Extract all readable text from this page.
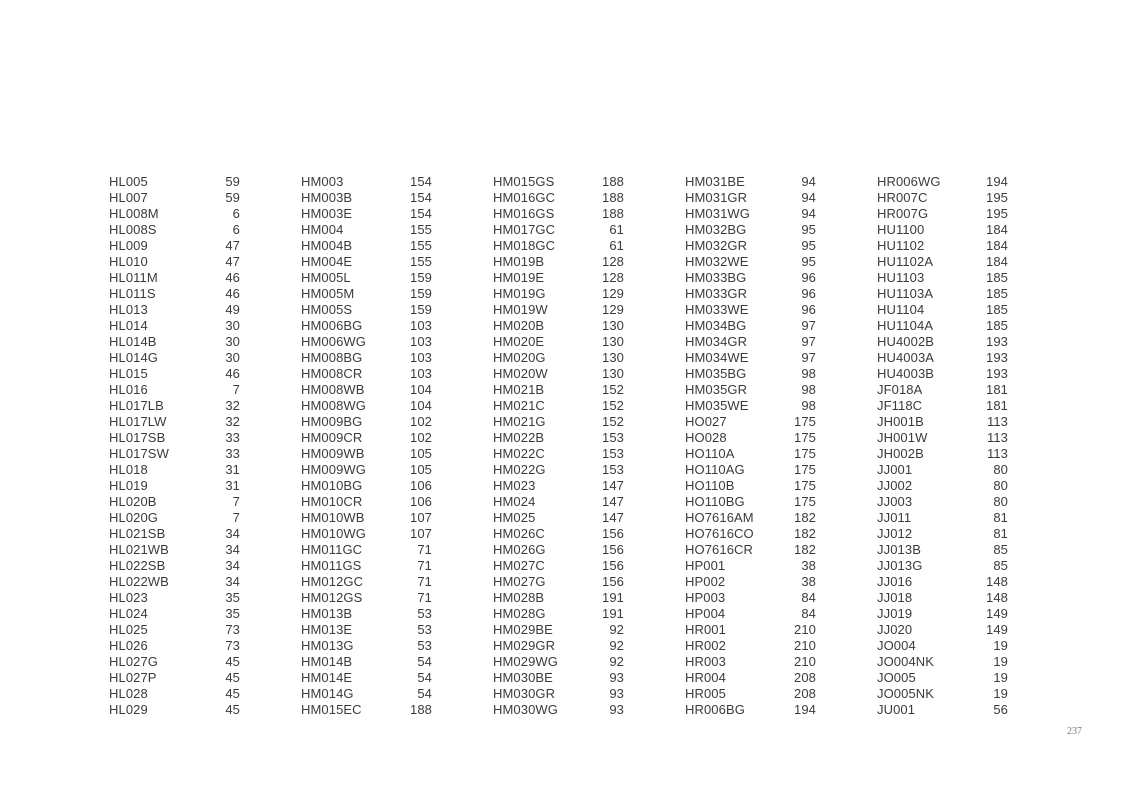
HL005	59
HL007	59
HL008M	6
HL008S	6
HL009	47
HL010	47
HL011M	46
HL011S	46
HL013	49
HL014	30
HL014B	30
HL014G	30
HL015	46
HL016	7
HL017LB	32
HL017LW	32
HL017SB	33
HL017SW	33
HL018	31
HL019	31
HL020B	7
HL020G	7
HL021SB	34
HL021WB	34
HL022SB	34
HL022WB	34
HL023	35
HL024	35
HL025	73
HL026	73
HL027G	45
HL027P	45
HL028	45
HL029	45
HM003	154
HM003B	154
HM003E	154
HM004	155
HM004B	155
HM004E	155
HM005L	159
HM005M	159
HM005S	159
HM006BG	103
HM006WG	103
HM008BG	103
HM008CR	103
HM008WB	104
HM008WG	104
HM009BG	102
HM009CR	102
HM009WB	105
HM009WG	105
HM010BG	106
HM010CR	106
HM010WB	107
HM010WG	107
HM011GC	71
HM011GS	71
HM012GC	71
HM012GS	71
HM013B	53
HM013E	53
HM013G	53
HM014B	54
HM014E	54
HM014G	54
HM015EC	188
HM015GS	188
HM016GC	188
HM016GS	188
HM017GC	61
HM018GC	61
HM019B	128
HM019E	128
HM019G	129
HM019W	129
HM020B	130
HM020E	130
HM020G	130
HM020W	130
HM021B	152
HM021C	152
HM021G	152
HM022B	153
HM022C	153
HM022G	153
HM023	147
HM024	147
HM025	147
HM026C	156
HM026G	156
HM027C	156
HM027G	156
HM028B	191
HM028G	191
HM029BE	92
HM029GR	92
HM029WG	92
HM030BE	93
HM030GR	93
HM030WG	93
HM031BE	94
HM031GR	94
HM031WG	94
HM032BG	95
HM032GR	95
HM032WE	95
HM033BG	96
HM033GR	96
HM033WE	96
HM034BG	97
HM034GR	97
HM034WE	97
HM035BG	98
HM035GR	98
HM035WE	98
HO027	175
HO028	175
HO110A	175
HO110AG	175
HO110B	175
HO110BG	175
HO7616AM	182
HO7616CO	182
HO7616CR	182
HP001	38
HP002	38
HP003	84
HP004	84
HR001	210
HR002	210
HR003	210
HR004	208
HR005	208
HR006BG	194
HR006WG	194
HR007C	195
HR007G	195
HU1100	184
HU1102	184
HU1102A	184
HU1103	185
HU1103A	185
HU1104	185
HU1104A	185
HU4002B	193
HU4003A	193
HU4003B	193
JF018A	181
JF118C	181
JH001B	113
JH001W	113
JH002B	113
JJ001	80
JJ002	80
JJ003	80
JJ011	81
JJ012	81
JJ013B	85
JJ013G	85
JJ016	148
JJ018	148
JJ019	149
JJ020	149
JO004	19
JO004NK	19
JO005	19
JO005NK	19
JU001	56
237
